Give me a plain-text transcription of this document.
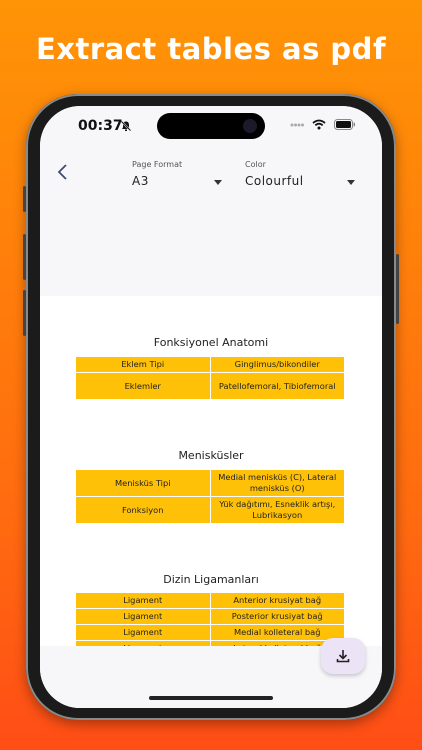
Extract tables as pdf
00:37
Page Format
A3
Color
Colourful
Fonksiyonel Anatomi
Eklem Tipi	Ginglimus/bikondiler
Eklemler	Patellofemoral, Tibiofemoral
Menisküsler
Menisküs Tipi	Medial menisküs (C), Lateral menisküs (O)
Fonksiyon	Yük dağıtımı, Esneklik artışı, Lubrikasyon
Dizin Ligamanları
Ligament	Anterior krusiyat bağ
Ligament	Posterior krusiyat bağ
Ligament	Medial kolleteral bağ
